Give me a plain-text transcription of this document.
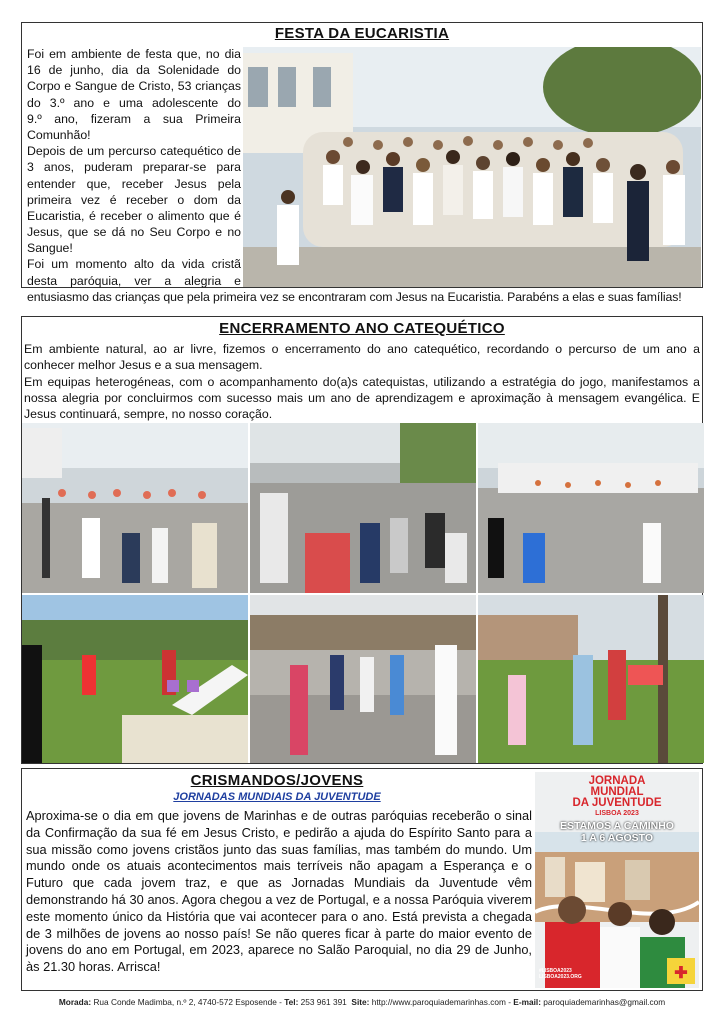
FESTA DA EUCARISTIA
Foi em ambiente de festa que, no dia
16 de junho, dia da Solenidade do
Corpo e Sangue de Cristo, 53 crianças
do 3.º ano e uma adolescente do
9.º ano, fizeram a sua Primeira
Comunhão!
Depois de um percurso catequético de
3 anos, puderam preparar-se para
entender que, receber Jesus pela
primeira vez é receber o dom da
Eucaristia, é receber o alimento que é
Jesus, que se dá no Seu Corpo e no
Sangue!
Foi um momento alto da vida cristã
desta paróquia, ver a alegria e
entusiasmo das crianças que pela primeira vez se encontraram com Jesus na Eucaristia. Parabéns a elas e suas famílias!
ENCERRAMENTO ANO CATEQUÉTICO
Em ambiente natural, ao ar livre, fizemos o encerramento do ano catequético, recordando o percurso de um ano a conhecer melhor Jesus e a sua mensagem.
Em equipas heterogéneas, com o acompanhamento do(a)s catequistas, utilizando a estratégia do jogo, manifestamos a nossa alegria por concluirmos com sucesso mais um ano de aprendizagem e aproximação à mensagem evangélica. E Jesus continuará, sempre, no nosso coração.
CRISMANDOS/JOVENS
JORNADAS MUNDIAIS DA JUVENTUDE
Aproxima-se o dia em que jovens de Marinhas e de outras paróquias receberão o sinal da Confirmação da sua fé em Jesus Cristo, e pedirão a ajuda do Espírito Santo para a sua missão como jovens cristãos junto das suas famílias, mas também do mundo. Um mundo onde os atuais acontecimentos mais terríveis não apagam a Esperança e o Futuro que cada jovem traz, e que as Jornadas Mundiais da Juventude vêm demonstrando há 30 anos. Agora chegou a vez de Portugal, e a nossa Paróquia viverem este momento único da História que vai acontecer para o ano. Está prevista a chegada de 3 milhões de jovens ao nosso país! Se não queres ficar à parte do maior evento de jovens do ano em Portugal, em 2023, aparece no Salão Paroquial, no dia 29 de Junho, às 21.30 horas. Arrisca!	✚
JORNADA
MUNDIAL
DA JUVENTUDE
LISBOA 2023
ESTAMOS A CAMINHO
1 A 6 AGOSTO
#LISBOA2023
LISBOA2023.ORG
Morada: Rua Conde Madimba, n.º 2, 4740-572 Esposende - Tel: 253 961 391 Site: http://www.paroquiademarinhas.com - E-mail: paroquiademarinhas@gmail.com
